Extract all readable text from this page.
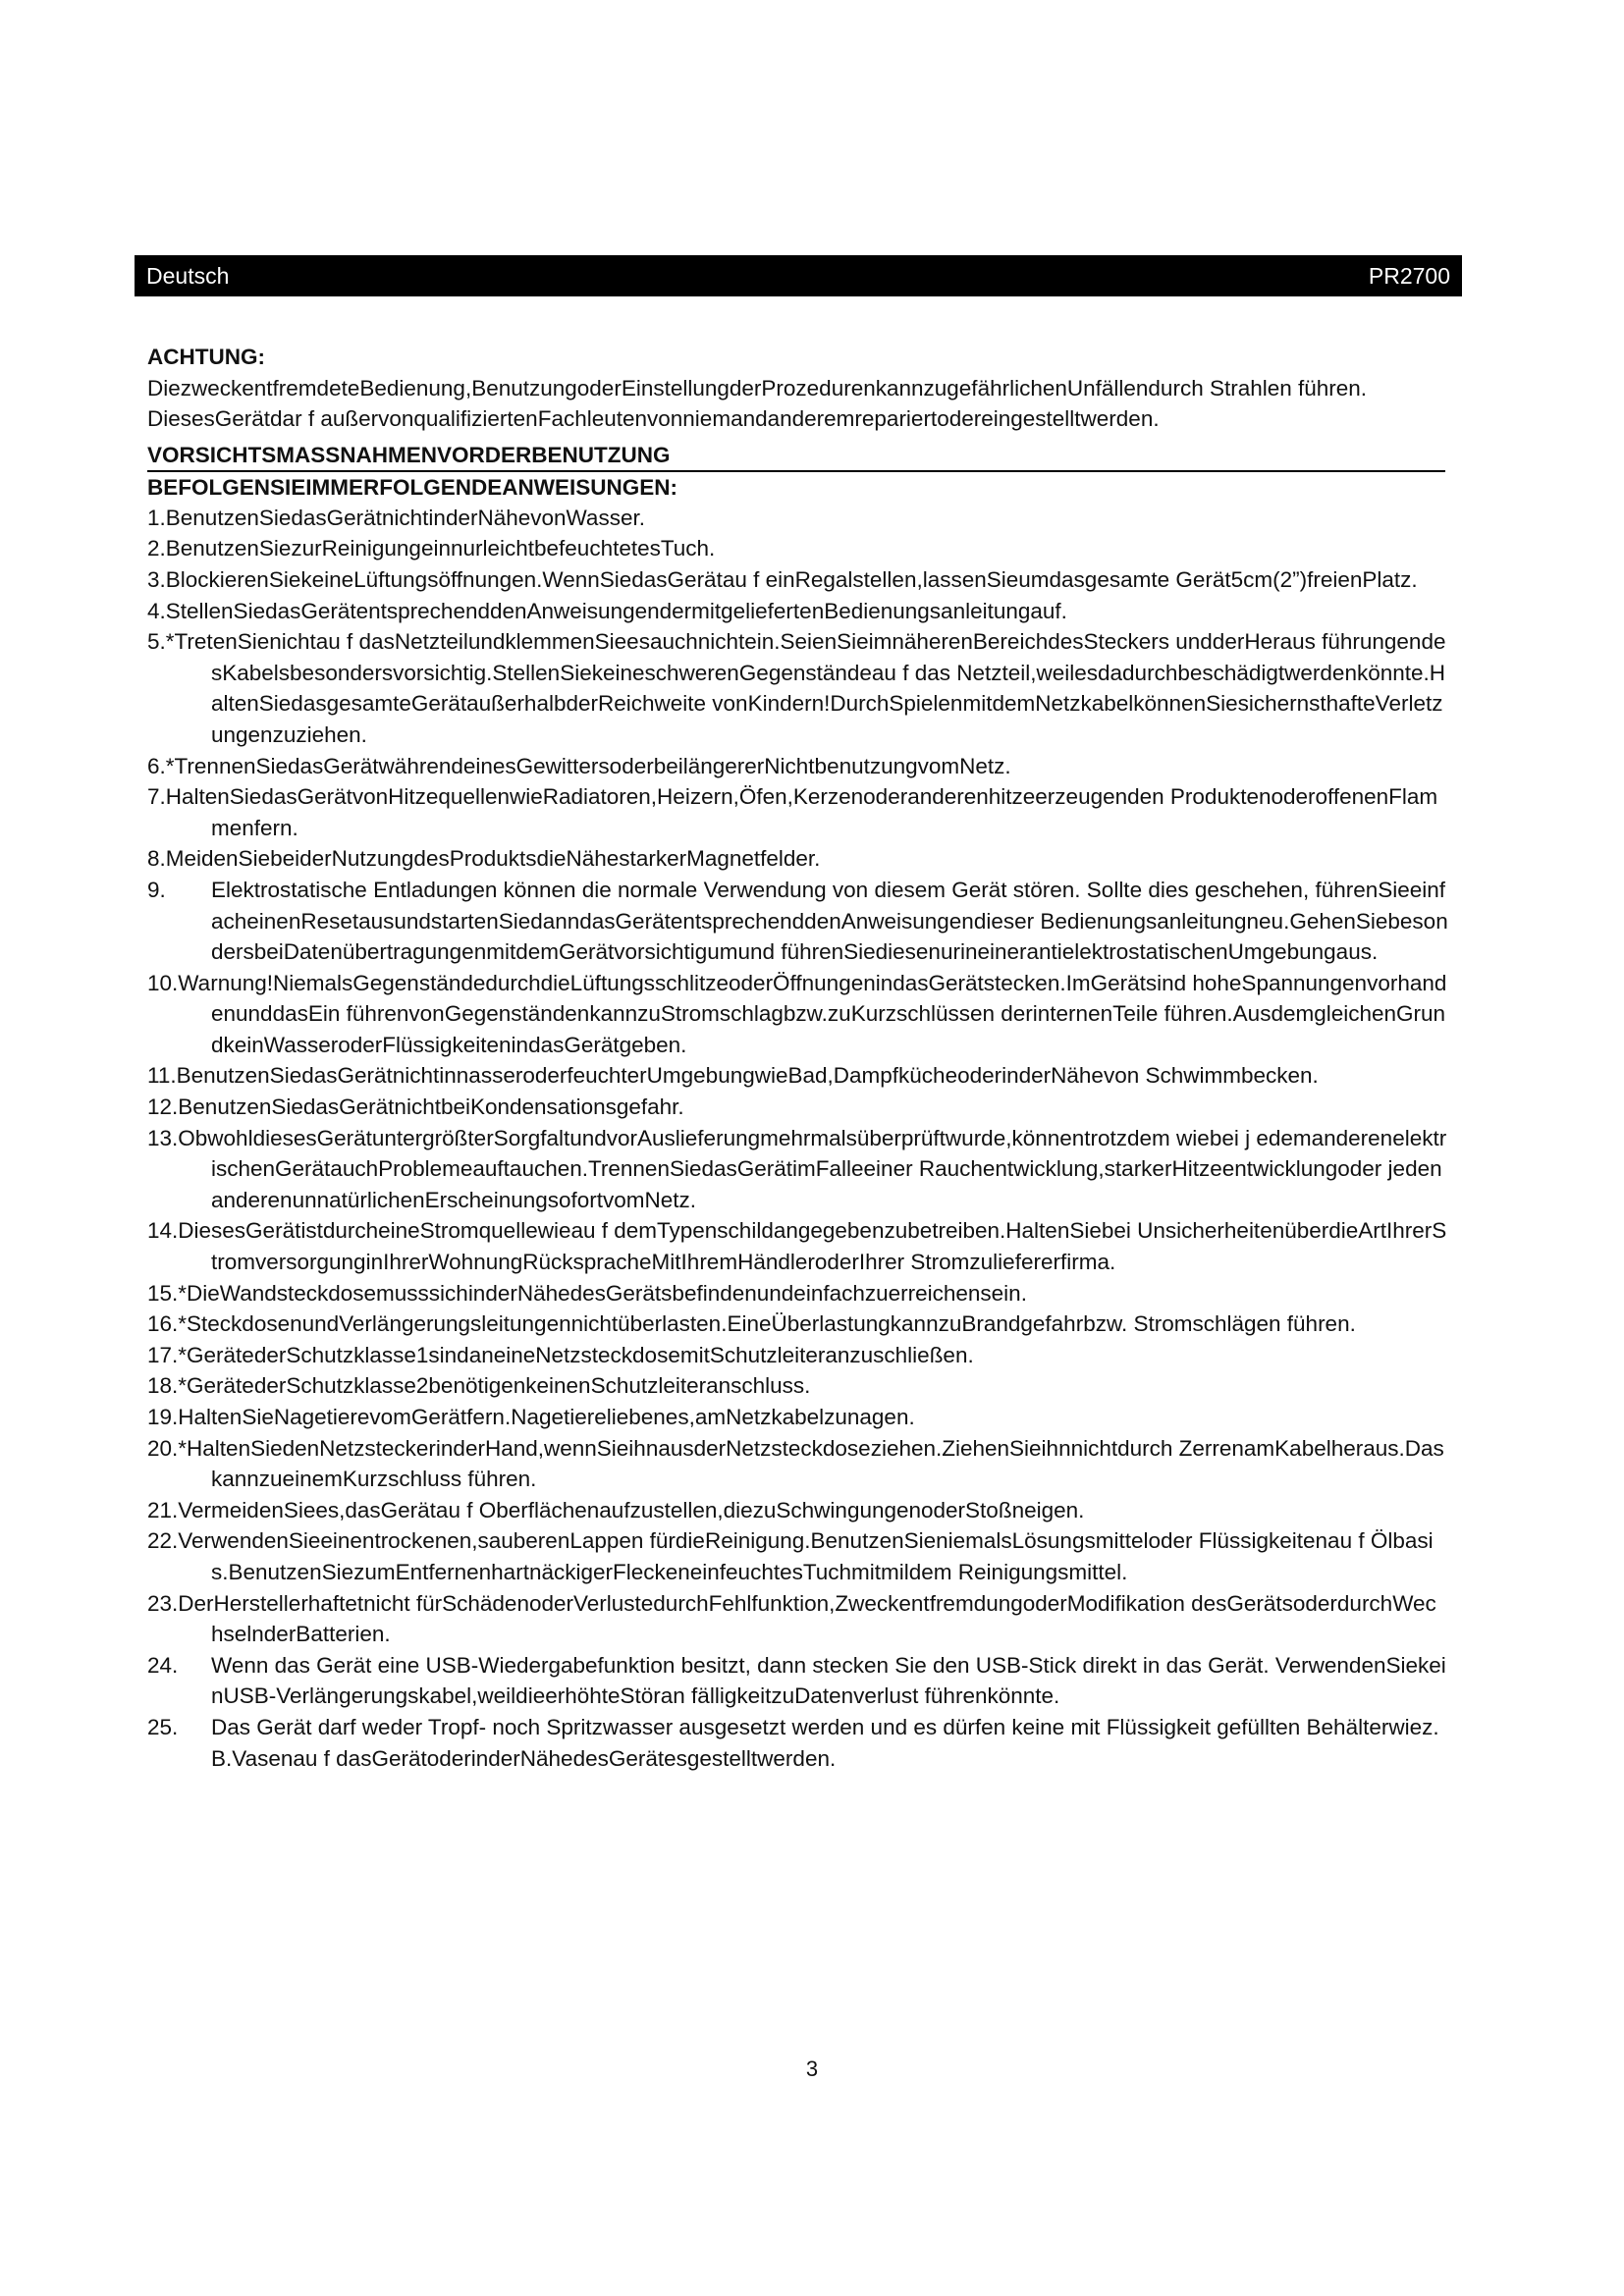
Deutsch	PR2700

ACHTUNG:

DiezweckentfremdeteBedienung,BenutzungoderEinstellungderProzedurenkannzugefährlichenUnfällendurch Strahlen führen.

DiesesGerätdar f außervonqualifiziertenFachleutenvonniemandanderemrepariertodereingestelltwerden.

VORSICHTSMASSNAHMENVORDERBENUTZUNG

BEFOLGENSIEIMMERFOLGENDEANWEISUNGEN:

1.BenutzenSiedasGerätnichtinderNähevonWasser.
2.BenutzenSiezurReinigungeinnurleichtbefeuchtetesTuch.
3.BlockierenSiekeineLüftungsöffnungen.WennSiedasGerätau f einRegalstellen,lassenSieumdasgesamte Gerät5cm(2”)freienPlatz.
4.StellenSiedasGerätentsprechenddenAnweisungendermitgeliefertenBedienungsanleitungauf.
5.*TretenSienichtau f dasNetzteilundklemmenSieesauchnichtein.SeienSieimnäherenBereichdesSteckers undderHeraus führungendesKabelsbesondersvorsichtig.StellenSiekeineschwerenGegenständeau f das Netzteil,weilesdadurchbeschädigtwerdenkönnte.HaltenSiedasgesamteGerätaußerhalbderReichweite vonKindern!DurchSpielenmitdemNetzkabelkönnenSiesichernsthafteVerletzungenzuziehen.
6.*TrennenSiedasGerätwährendeinesGewittersoderbeilängererNichtbenutzungvomNetz.
7.HaltenSiedasGerätvonHitzequellenwieRadiatoren,Heizern,Öfen,Kerzenoderanderenhitzeerzeugenden ProduktenoderoffenenFlammenfern.
8.MeidenSiebeiderNutzungdesProduktsdieNähestarkerMagnetfelder.
9.	Elektrostatische Entladungen können die normale Verwendung von diesem Gerät stören. Sollte dies geschehen, führenSieeinfacheinenResetausundstartenSiedanndasGerätentsprechenddenAnweisungendieser Bedienungsanleitungneu.GehenSiebesondersbeiDatenübertragungenmitdemGerätvorsichtigumund führenSiediesenurineinerantielektrostatischenUmgebungaus.
10.Warnung!NiemalsGegenständedurchdieLüftungsschlitzeoderÖffnungenindasGerätstecken.ImGerätsind hoheSpannungenvorhandenunddasEin führenvonGegenständenkannzuStromschlagbzw.zuKurzschlüssen derinternenTeile führen.AusdemgleichenGrundkeinWasseroderFlüssigkeitenindasGerätgeben.
11.BenutzenSiedasGerätnichtinnasseroderfeuchterUmgebungwieBad,DampfkücheoderinderNähevon Schwimmbecken.
12.BenutzenSiedasGerätnichtbeiKondensationsgefahr.
13.ObwohldiesesGerätuntergrößterSorgfaltundvorAuslieferungmehrmalsüberprüftwurde,könnentrotzdem wiebei j edemanderenelektrischenGerätauchProblemeauftauchen.TrennenSiedasGerätimFalleeiner Rauchentwicklung,starkerHitzeentwicklungoder jedenanderenunnatürlichenErscheinungsofortvomNetz.
14.DiesesGerätistdurcheineStromquellewieau f demTypenschildangegebenzubetreiben.HaltenSiebei UnsicherheitenüberdieArtIhrerStromversorgunginIhrerWohnungRückspracheMitIhremHändleroderIhrer Stromzuliefererfirma.
15.*DieWandsteckdosemusssichinderNähedesGerätsbefindenundeinfachzuerreichensein.
16.*SteckdosenundVerlängerungsleitungennichtüberlasten.EineÜberlastungkannzuBrandgefahrbzw. Stromschlägen führen.
17.*GerätederSchutzklasse1sindaneineNetzsteckdosemitSchutzleiteranzuschließen.
18.*GerätederSchutzklasse2benötigenkeinenSchutzleiteranschluss.
19.HaltenSieNagetierevomGerätfern.Nagetiereliebenes,amNetzkabelzunagen.
20.*HaltenSiedenNetzsteckerinderHand,wennSieihnausderNetzsteckdoseziehen.ZiehenSieihnnichtdurch ZerrenamKabelheraus.DaskannzueinemKurzschluss führen.
21.VermeidenSiees,dasGerätau f Oberflächenaufzustellen,diezuSchwingungenoderStoßneigen.
22.VerwendenSieeinentrockenen,sauberenLappen fürdieReinigung.BenutzenSieniemalsLösungsmitteloder Flüssigkeitenau f Ölbasis.BenutzenSiezumEntfernenhartnäckigerFleckeneinfeuchtesTuchmitmildem Reinigungsmittel.
23.DerHerstellerhaftetnicht fürSchädenoderVerlustedurchFehlfunktion,ZweckentfremdungoderModifikation desGerätsoderdurchWechselnderBatterien.
24.	Wenn das Gerät eine USB-Wiedergabefunktion besitzt, dann stecken Sie den USB-Stick direkt in das Gerät. VerwendenSiekeinUSB-Verlängerungskabel,weildieerhöhteStöran fälligkeitzuDatenverlust führenkönnte.
25.	Das Gerät darf weder Tropf- noch Spritzwasser ausgesetzt werden und es dürfen keine mit Flüssigkeit gefüllten Behälterwiez.B.Vasenau f dasGerätoderinderNähedesGerätesgestelltwerden.
3
